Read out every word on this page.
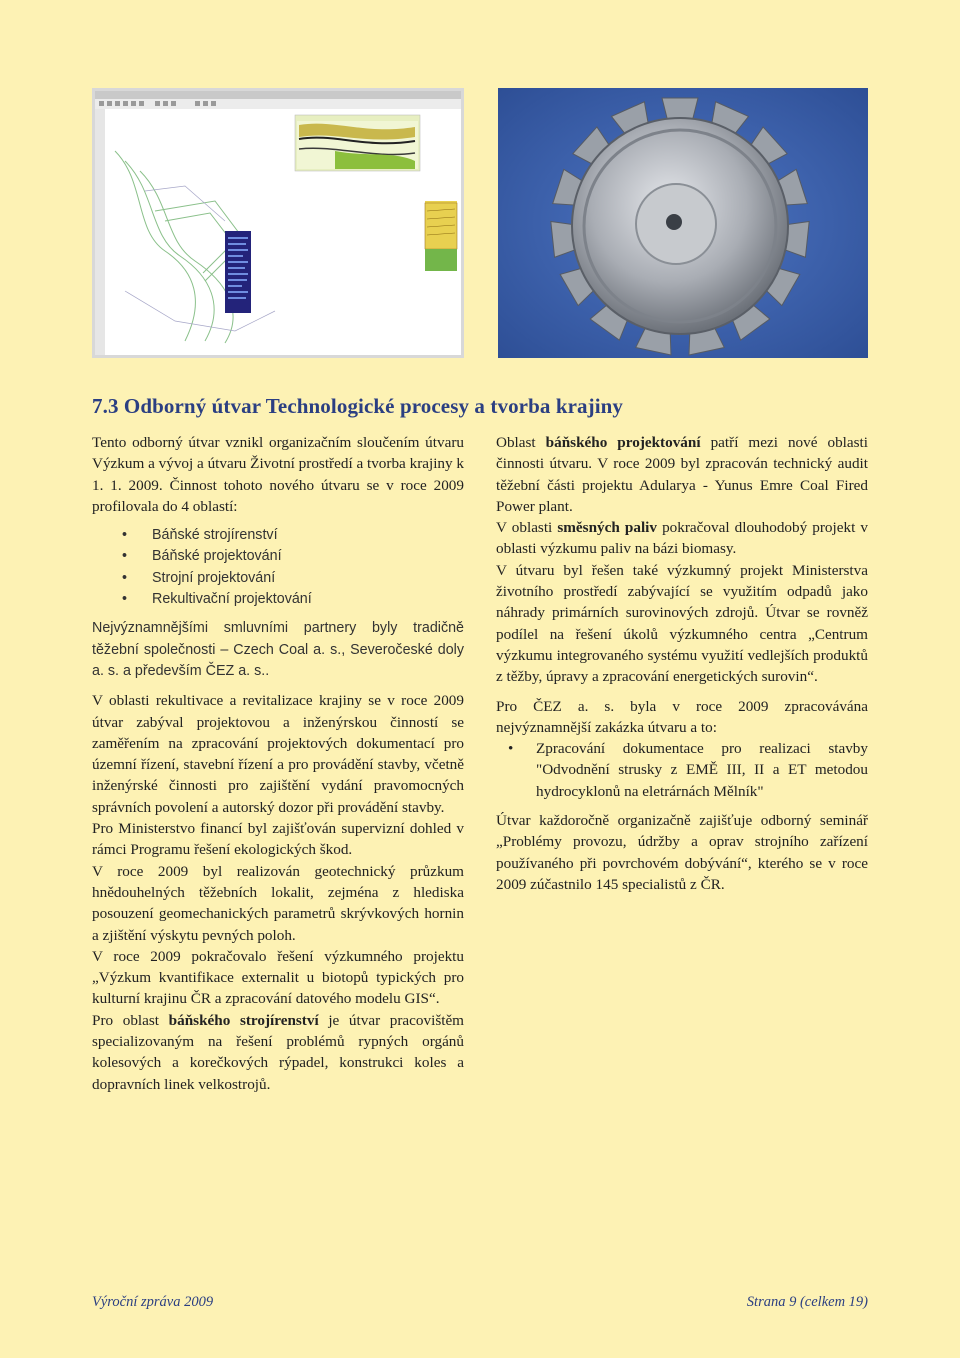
7.3 Odborný útvar Technologické procesy a tvorba krajiny

Tento odborný útvar vznikl organizačním sloučením útvaru Výzkum a vývoj a útvaru Životní prostředí a tvorba krajiny k 1. 1. 2009. Činnost tohoto nového útvaru se v roce 2009 profilovala do 4 oblastí:

• Báňské strojírenství
• Báňské projektování
• Strojní projektování
• Rekultivační projektování

Nejvýznamnějšími smluvními partnery byly tradičně těžební společnosti – Czech Coal a. s., Severočeské doly a. s. a především ČEZ a. s..

V oblasti rekultivace a revitalizace krajiny se v roce 2009 útvar zabýval projektovou a inženýrskou činností se zaměřením na zpracování projektových dokumentací pro územní řízení, stavební řízení a pro provádění stavby, včetně inženýrské činnosti pro zajištění vydání pravomocných správních povolení a autorský dozor při provádění stavby.

Pro Ministerstvo financí byl zajišťován supervizní dohled v rámci Programu řešení ekologických škod.

V roce 2009 byl realizován geotechnický průzkum hnědouhelných těžebních lokalit, zejména z hlediska posouzení geomechanických parametrů skrývkových hornin a zjištění výskytu pevných poloh.

V roce 2009 pokračovalo řešení výzkumného projektu „Výzkum kvantifikace externalit u biotopů typických pro kulturní krajinu ČR a zpracování datového modelu GIS“.

Pro oblast báňského strojírenství je útvar pracovištěm specializovaným na řešení problémů rypných orgánů kolesových a korečkových rýpadel, konstrukci koles a dopravních linek velkostrojů.

Oblast báňského projektování patří mezi nové oblasti činnosti útvaru. V roce 2009 byl zpracován technický audit těžební části projektu Adularya - Yunus Emre Coal Fired Power plant.

V oblasti směsných paliv pokračoval dlouhodobý projekt v oblasti výzkumu paliv na bázi biomasy.

V útvaru byl řešen také výzkumný projekt Ministerstva životního prostředí zabývající se využitím odpadů jako náhrady primárních surovinových zdrojů. Útvar se rovněž podílel na řešení úkolů výzkumného centra „Centrum výzkumu integrovaného systému využití vedlejších produktů z těžby, úpravy a zpracování energetických surovin“.

Pro ČEZ a. s. byla v roce 2009 zpracovávána nejvýznamnější zakázka útvaru a to:

• Zpracování dokumentace pro realizaci stavby "Odvodnění strusky z EMĚ III, II a ET metodou hydrocyklonů na eletrárnách Mělník"

Útvar každoročně organizačně zajišťuje odborný seminář „Problémy provozu, údržby a oprav strojního zařízení používaného při povrchovém dobývání“, kterého se v roce 2009 zúčastnilo 145 specialistů z ČR.

Výroční zpráva 2009	Strana 9 (celkem 19)
